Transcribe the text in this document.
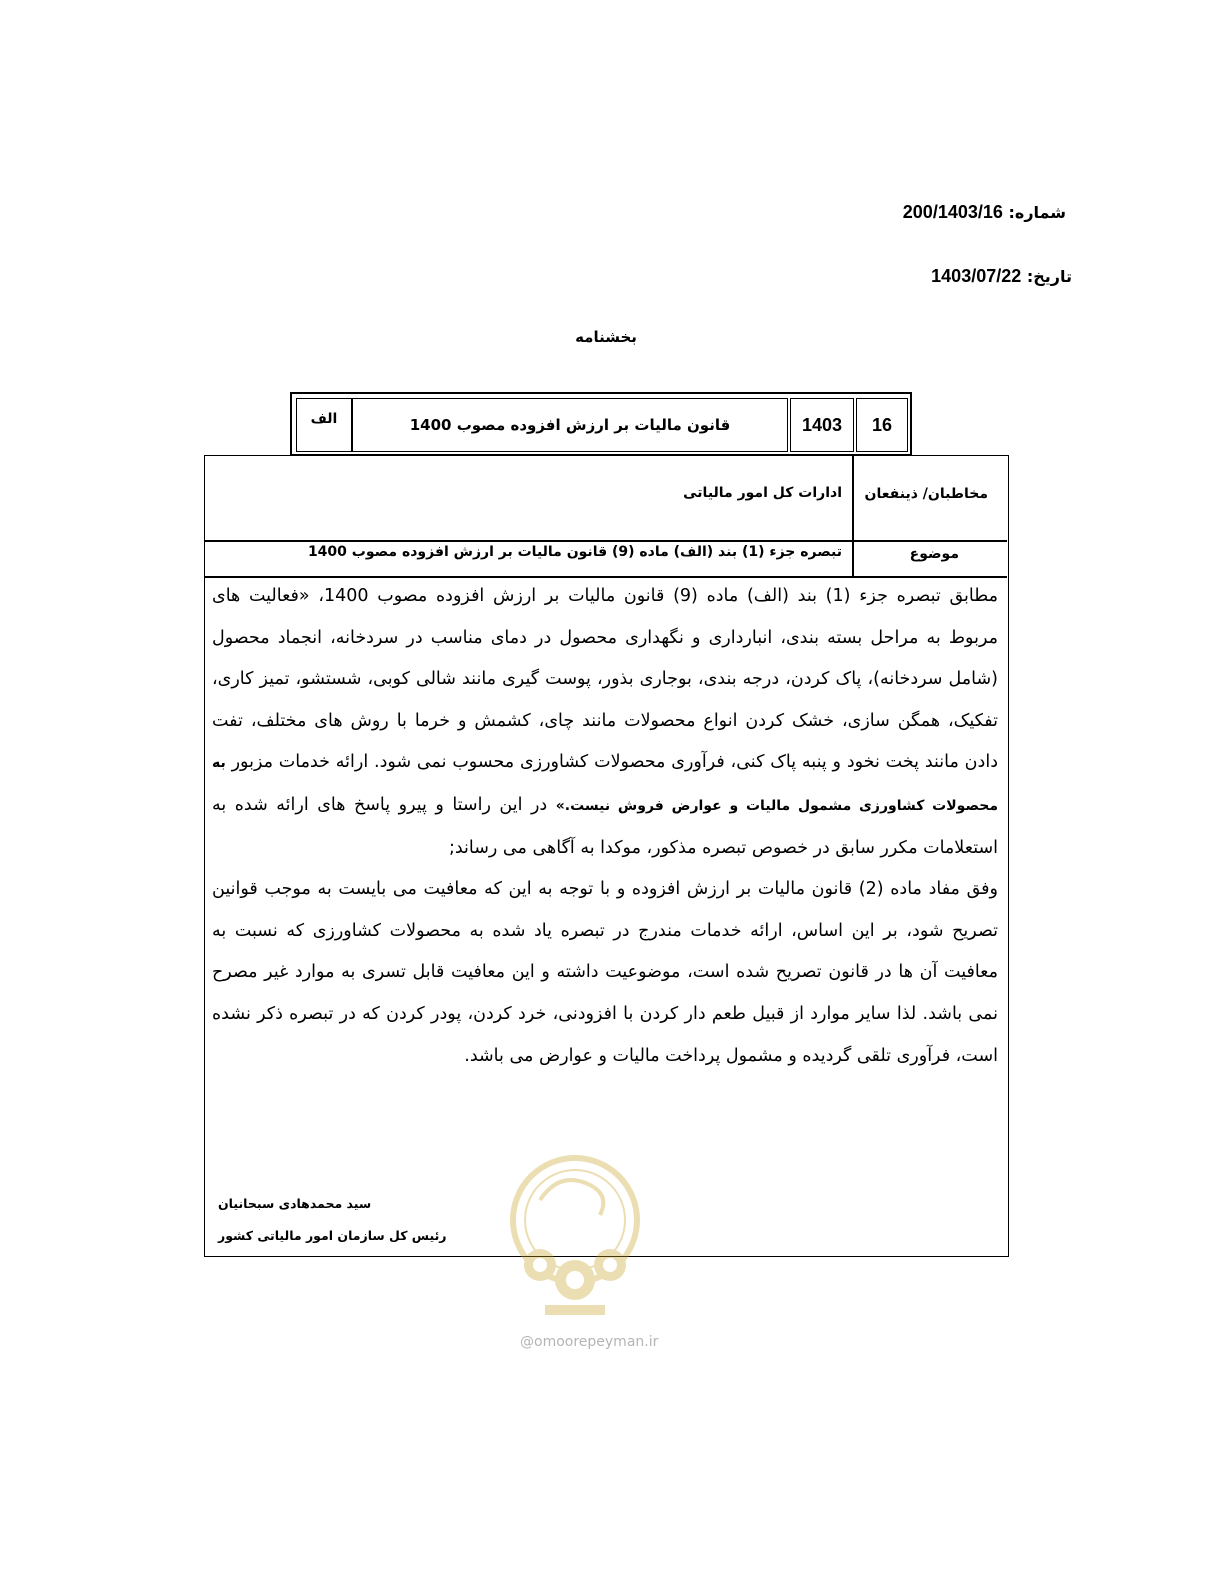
شماره: 200/1403/16
تاریخ: 1403/07/22
بخشنامه
الف	قانون مالیات بر ارزش افزوده مصوب 1400	1403	16
مخاطبان/ ذینفعان
ادارات کل امور مالیاتی
موضوع
تبصره جزء (1) بند (الف) ماده (9) قانون مالیات بر ارزش افزوده مصوب 1400

مطابق تبصره جزء (1) بند (الف) ماده (9) قانون مالیات بر ارزش افزوده مصوب 1400، «فعالیت های مربوط به مراحل بسته بندی، انبارداری و نگهداری محصول در دمای مناسب در سردخانه، انجماد محصول (شامل سردخانه)، پاک کردن، درجه بندی، بوجاری بذور، پوست گیری مانند شالی کوبی، شستشو، تمیز کاری، تفکیک، همگن سازی، خشک کردن انواع محصولات مانند چای، کشمش و خرما با روش های مختلف، تفت دادن مانند پخت نخود و پنبه پاک کنی، فرآوری محصولات کشاورزی محسوب نمی شود. ارائه خدمات مزبور به محصولات کشاورزی مشمول مالیات و عوارض فروش نیست.» در این راستا و پیرو پاسخ های ارائه شده به استعلامات مکرر سابق در خصوص تبصره مذکور، موکدا به آگاهی می رساند;

وفق مفاد ماده (2) قانون مالیات بر ارزش افزوده و با توجه به این که معافیت می بایست به موجب قوانین تصریح شود، بر این اساس، ارائه خدمات مندرج در تبصره یاد شده به محصولات کشاورزی که نسبت به معافیت آن ها در قانون تصریح شده است، موضوعیت داشته و این معافیت قابل تسری به موارد غیر مصرح نمی باشد. لذا سایر موارد از قبیل طعم دار کردن با افزودنی، خرد کردن، پودر کردن که در تبصره ذکر نشده است، فرآوری تلقی گردیده و مشمول پرداخت مالیات و عوارض می باشد.

سید محمدهادی سبحانیان
رئیس کل سازمان امور مالیاتی کشور
@omoorepeyman.ir
